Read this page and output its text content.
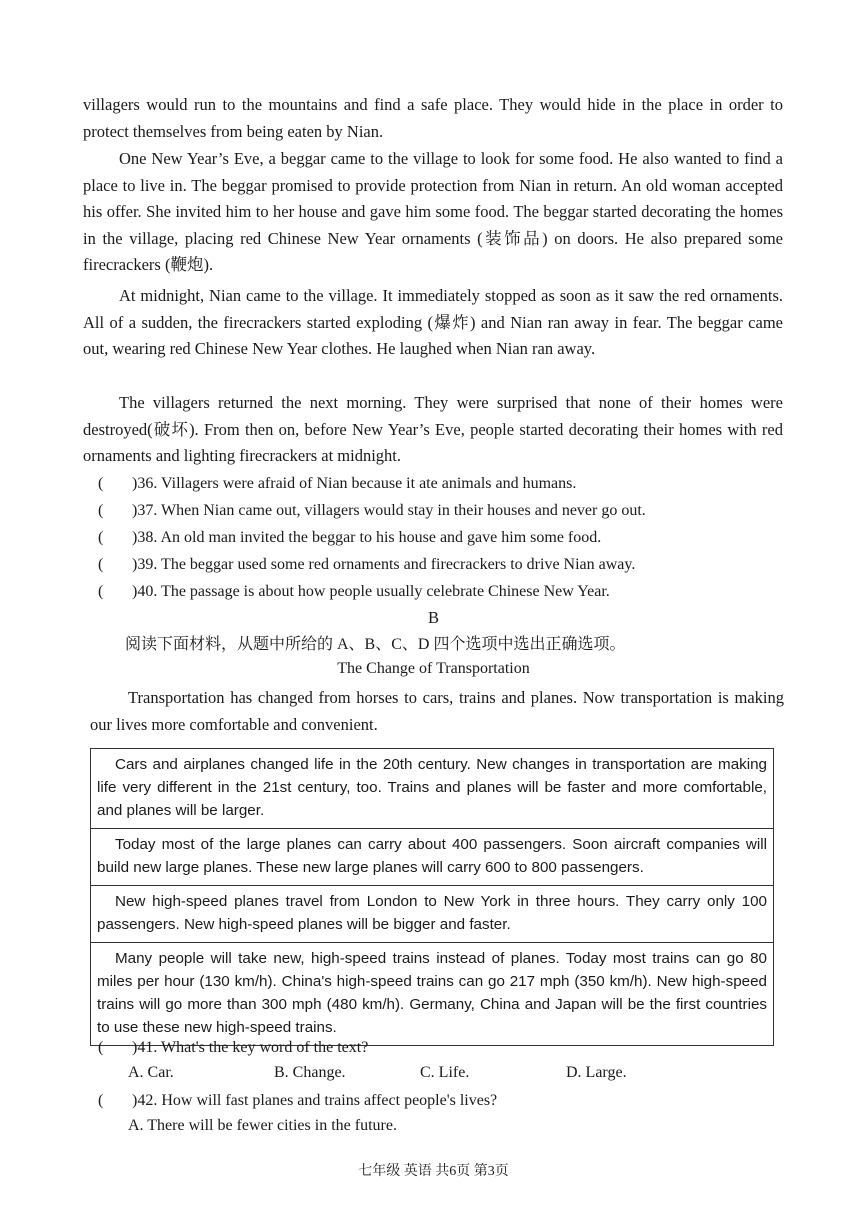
villagers would run to the mountains and find a safe place. They would hide in the place in order to protect themselves from being eaten by Nian.

One New Year’s Eve, a beggar came to the village to look for some food. He also wanted to find a place to live in. The beggar promised to provide protection from Nian in return. An old woman accepted his offer. She invited him to her house and gave him some food. The beggar started decorating the homes in the village, placing red Chinese New Year ornaments (装饰品) on doors. He also prepared some firecrackers (鞭炮).

At midnight, Nian came to the village. It immediately stopped as soon as it saw the red ornaments. All of a sudden, the firecrackers started exploding (爆炸) and Nian ran away in fear. The beggar came out, wearing red Chinese New Year clothes. He laughed when Nian ran away.

The villagers returned the next morning. They were surprised that none of their homes were destroyed(破坏). From then on, before New Year’s Eve, people started decorating their homes with red ornaments and lighting firecrackers at midnight.

( )36. Villagers were afraid of Nian because it ate animals and humans.
( )37. When Nian came out, villagers would stay in their houses and never go out.
( )38. An old man invited the beggar to his house and gave him some food.
( )39. The beggar used some red ornaments and firecrackers to drive Nian away.
( )40. The passage is about how people usually celebrate Chinese New Year.
B
阅读下面材料，从题中所给的 A、B、C、D 四个选项中选出正确选项。
The Change of Transportation

Transportation has changed from horses to cars, trains and planes. Now transportation is making our lives more comfortable and convenient.

Cars and airplanes changed life in the 20th century. New changes in transportation are making life very different in the 21st century, too. Trains and planes will be faster and more comfortable, and planes will be larger.
Today most of the large planes can carry about 400 passengers. Soon aircraft companies will build new large planes. These new large planes will carry 600 to 800 passengers.
New high-speed planes travel from London to New York in three hours. They carry only 100 passengers. New high-speed planes will be bigger and faster.
Many people will take new, high-speed trains instead of planes. Today most trains can go 80 miles per hour (130 km/h). China's high-speed trains can go 217 mph (350 km/h). New high-speed trains will go more than 300 mph (480 km/h). Germany, China and Japan will be the first countries to use these new high-speed trains.
( )41. What's the key word of the text?
A. Car.	B. Change.	C. Life.	D. Large.
( )42. How will fast planes and trains affect people's lives?
A. There will be fewer cities in the future.
七年级 英语 共6页 第3页
